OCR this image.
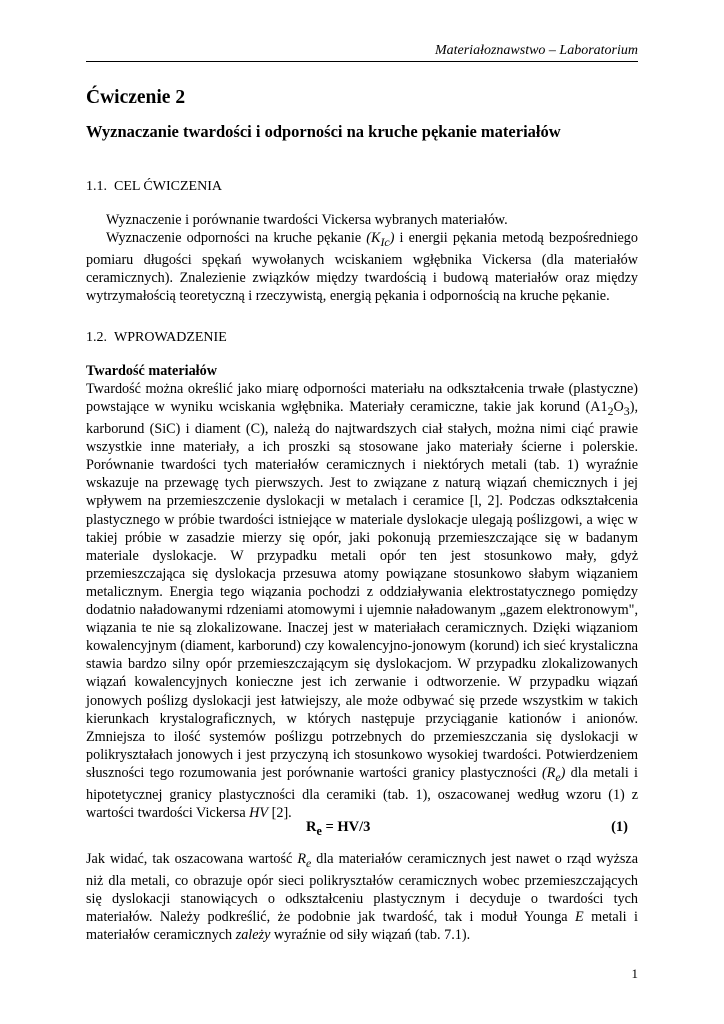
Materiałoznawstwo – Laboratorium
Ćwiczenie 2
Wyznaczanie twardości i odporności na kruche pękanie materiałów
1.1. CEL ĆWICZENIA
Wyznaczenie i porównanie twardości Vickersa wybranych materiałów.
Wyznaczenie odporności na kruche pękanie $(K_{Ic})$ i energii pękania metodą bezpośredniego pomiaru długości spękań wywołanych wciskaniem wgłębnika Vickersa (dla materiałów ceramicznych). Znalezienie związków między twardością i budową materiałów oraz między wytrzymałością teoretyczną i rzeczywistą, energią pękania i odpornością na kruche pękanie.
1.2. WPROWADZENIE
Twardość materiałów
Twardość można określić jako miarę odporności materiału na odkształcenia trwałe (plastyczne) powstające w wyniku wciskania wgłębnika. Materiały ceramiczne, takie jak korund $(A1_2O_3)$, karborund (SiC) i diament (C), należą do najtwardszych ciał stałych, można nimi ciąć prawie wszystkie inne materiały, a ich proszki są stosowane jako materiały ścierne i polerskie. Porównanie twardości tych materiałów ceramicznych i niektórych metali (tab. 1) wyraźnie wskazuje na przewagę tych pierwszych. Jest to związane z naturą wiązań chemicznych i jej wpływem na przemieszczenie dyslokacji w metalach i ceramice [l, 2]. Podczas odkształcenia plastycznego w próbie twardości istniejące w materiale dyslokacje ulegają poślizgowi, a więc w takiej próbie w zasadzie mierzy się opór, jaki pokonują przemieszczające się w badanym materiale dyslokacje. W przypadku metali opór ten jest stosunkowo mały, gdyż przemieszczająca się dyslokacja przesuwa atomy powiązane stosunkowo słabym wiązaniem metalicznym. Energia tego wiązania pochodzi z oddziaływania elektrostatycznego pomiędzy dodatnio naładowanymi rdzeniami atomowymi i ujemnie naładowanym „gazem elektronowym", wiązania te nie są zlokalizowane. Inaczej jest w materiałach ceramicznych. Dzięki wiązaniom kowalencyjnym (diament, karborund) czy kowalencyjno-jonowym (korund) ich sieć krystaliczna stawia bardzo silny opór przemieszczającym się dyslokacjom. W przypadku zlokalizowanych wiązań kowalencyjnych konieczne jest ich zerwanie i odtworzenie. W przypadku wiązań jonowych poślizg dyslokacji jest łatwiejszy, ale może odbywać się przede wszystkim w takich kierunkach krystalograficznych, w których następuje przyciąganie kationów i anionów. Zmniejsza to ilość systemów poślizgu potrzebnych do przemieszczania się dyslokacji w polikryształach jonowych i jest przyczyną ich stosunkowo wysokiej twardości. Potwierdzeniem słuszności tego rozumowania jest porównanie wartości granicy plastyczności $(R_e)$ dla metali i hipotetycznej granicy plastyczności dla ceramiki (tab. 1), oszacowanej według wzoru (1) z wartości twardości Vickersa HV [2].
$R_e = HV/3$	(1)
Jak widać, tak oszacowana wartość $R_e$ dla materiałów ceramicznych jest nawet o rząd wyższa niż dla metali, co obrazuje opór sieci polikryształów ceramicznych wobec przemieszczających się dyslokacji stanowiących o odkształceniu plastycznym i decyduje o twardości tych materiałów. Należy podkreślić, że podobnie jak twardość, tak i moduł Younga E metali i materiałów ceramicznych zależy wyraźnie od siły wiązań (tab. 7.1).
1
